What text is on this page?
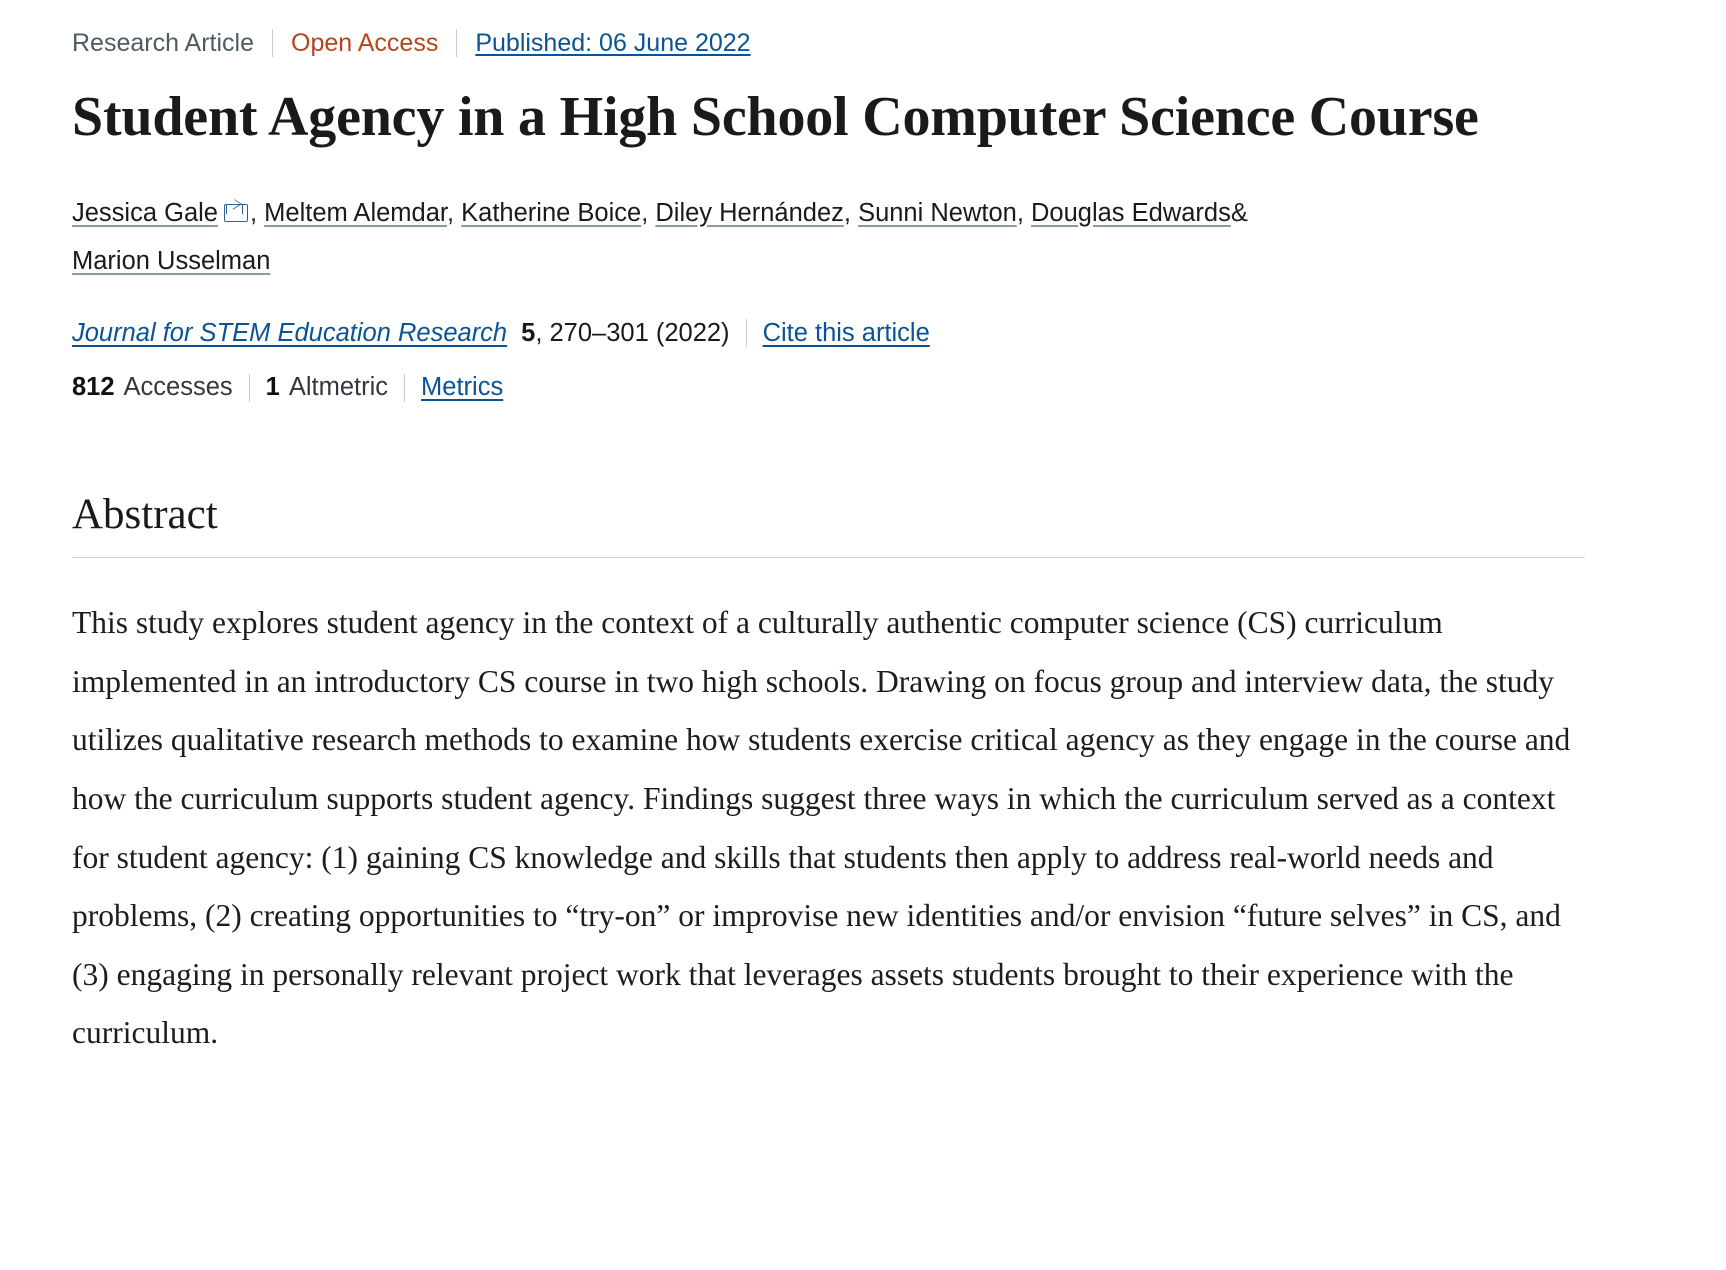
Research Article Open Access Published: 06 June 2022
Student Agency in a High School Computer Science Course
Jessica Gale , Meltem Alemdar, Katherine Boice, Diley Hernández, Sunni Newton, Douglas Edwards&
Marion Usselman
Journal for STEM Education Research 5, 270–301 (2022) Cite this article
812 Accesses 1 Altmetric Metrics
Abstract

This study explores student agency in the context of a culturally authentic computer science (CS) curriculum implemented in an introductory CS course in two high schools. Drawing on focus group and interview data, the study utilizes qualitative research methods to examine how students exercise critical agency as they engage in the course and how the curriculum supports student agency. Findings suggest three ways in which the curriculum served as a context for student agency: (1) gaining CS knowledge and skills that students then apply to address real-world needs and problems, (2) creating opportunities to “try-on” or improvise new identities and/or envision “future selves” in CS, and (3) engaging in personally relevant project work that leverages assets students brought to their experience with the curriculum.
